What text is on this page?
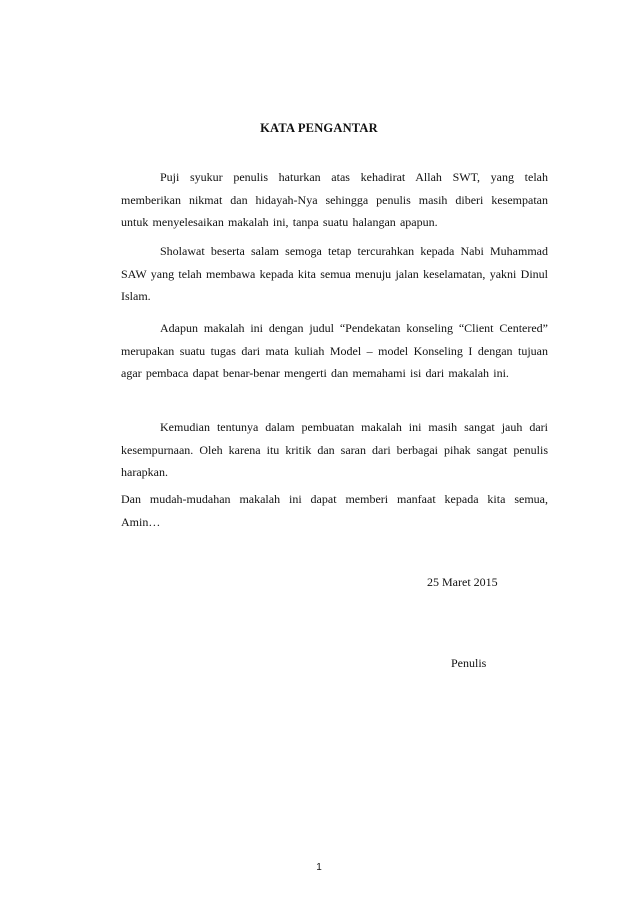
KATA PENGANTAR

Puji syukur penulis haturkan atas kehadirat Allah SWT, yang telah memberikan nikmat dan hidayah-Nya sehingga penulis masih diberi kesempatan untuk menyelesaikan makalah ini, tanpa suatu halangan apapun.

Sholawat beserta salam semoga tetap tercurahkan kepada Nabi Muhammad SAW yang telah membawa kepada kita semua menuju jalan keselamatan, yakni Dinul Islam.

Adapun makalah ini dengan judul “Pendekatan konseling “Client Centered” merupakan suatu tugas dari mata kuliah Model – model Konseling I dengan tujuan agar pembaca dapat benar-benar mengerti dan memahami isi dari makalah ini.

Kemudian tentunya dalam pembuatan makalah ini masih sangat jauh dari kesempurnaan. Oleh karena itu kritik dan saran dari berbagai pihak sangat penulis harapkan.

Dan mudah-mudahan makalah ini dapat memberi manfaat kepada kita semua, Amin…

25 Maret 2015
Penulis
1
